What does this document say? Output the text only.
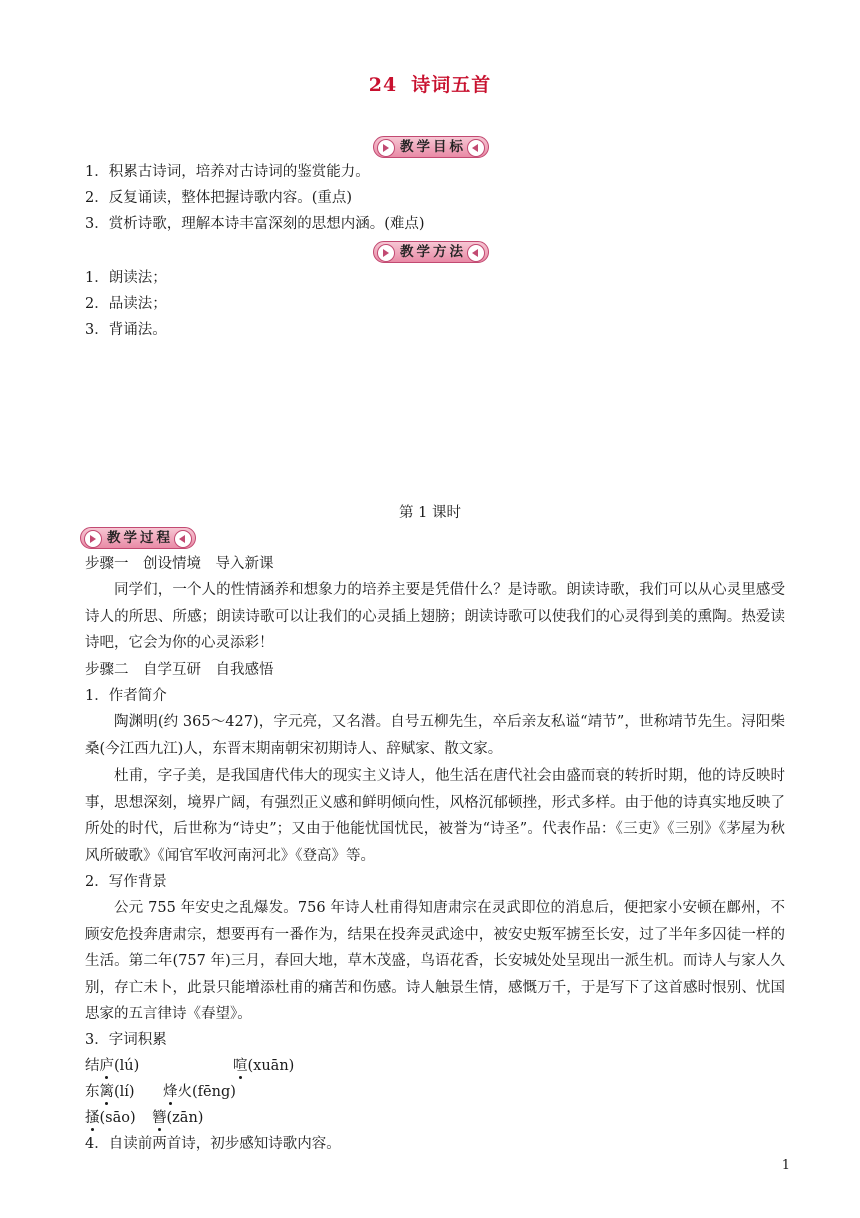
24 诗词五首
教学目标
1．积累古诗词，培养对古诗词的鉴赏能力。
2．反复诵读，整体把握诗歌内容。(重点)
3．赏析诗歌，理解本诗丰富深刻的思想内涵。(难点)
教学方法
1．朗读法；
2．品读法；
3．背诵法。
第 1 课时
教学过程
步骤一　创设情境　导入新课
同学们，一个人的性情涵养和想象力的培养主要是凭借什么？是诗歌。朗读诗歌，我们可以从心灵里感受诗人的所思、所感；朗读诗歌可以让我们的心灵插上翅膀；朗读诗歌可以使我们的心灵得到美的熏陶。热爱读诗吧，它会为你的心灵添彩！
步骤二　自学互研　自我感悟
1．作者简介
陶渊明(约 365～427)，字元亮，又名潜。自号五柳先生，卒后亲友私谥“靖节”，世称靖节先生。浔阳柴桑(今江西九江)人，东晋末期南朝宋初期诗人、辞赋家、散文家。
杜甫，字子美，是我国唐代伟大的现实主义诗人，他生活在唐代社会由盛而衰的转折时期，他的诗反映时事，思想深刻，境界广阔，有强烈正义感和鲜明倾向性，风格沉郁顿挫，形式多样。由于他的诗真实地反映了所处的时代，后世称为“诗史”；又由于他能忧国忧民，被誉为“诗圣”。代表作品：《三吏》《三别》《茅屋为秋风所破歌》《闻官军收河南河北》《登高》等。
2．写作背景
公元 755 年安史之乱爆发。756 年诗人杜甫得知唐肃宗在灵武即位的消息后，便把家小安顿在鄜州，不顾安危投奔唐肃宗，想要再有一番作为，结果在投奔灵武途中，被安史叛军掳至长安，过了半年多囚徒一样的生活。第二年(757 年)三月，春回大地，草木茂盛，鸟语花香，长安城处处呈现出一派生机。而诗人与家人久别，存亡未卜，此景只能增添杜甫的痛苦和伤感。诗人触景生情，感慨万千，于是写下了这首感时恨别、忧国思家的五言律诗《春望》。
3．字词积累
结庐(lú)	喧(xuān)
东篱(lí) 烽火(fēng)
搔(sāo) 簪(zān)
4．自读前两首诗，初步感知诗歌内容。
1
